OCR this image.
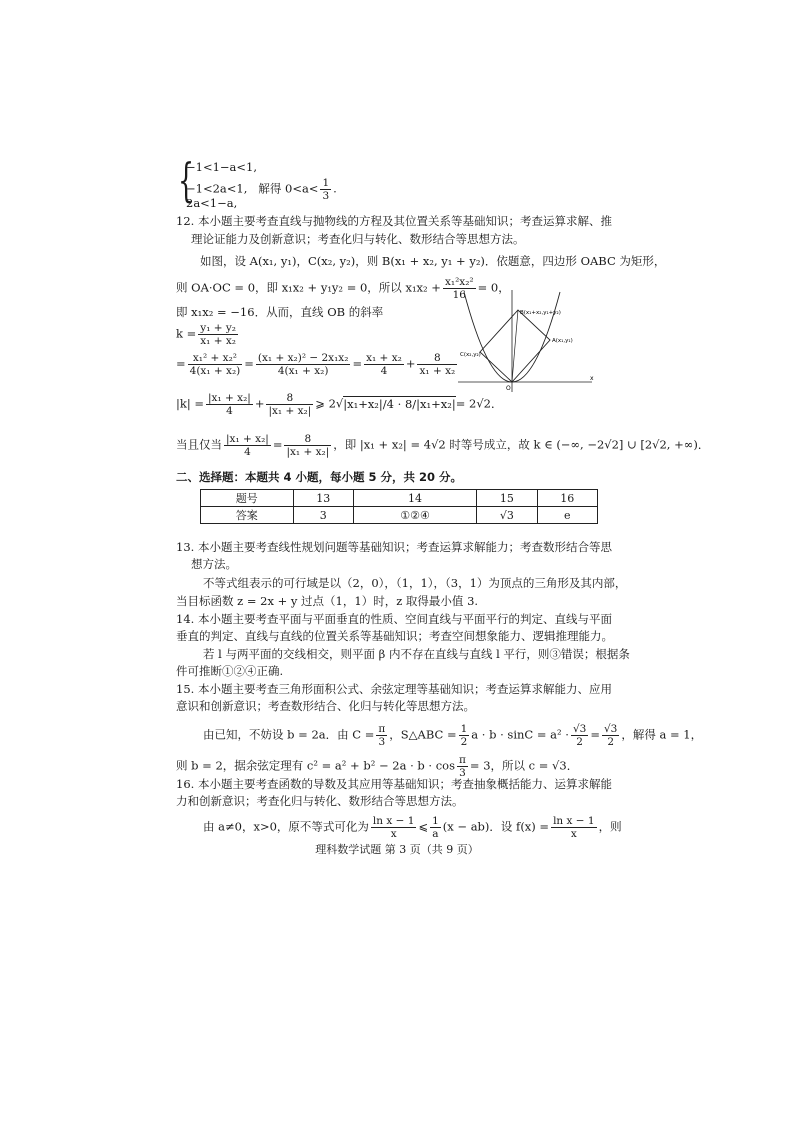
{
−1<1−a<1,
−1<2a<1, 解得 $0<a< \frac{1}{3}$ .
2a<1−a,
12. 本小题主要考查直线与抛物线的方程及其位置关系等基础知识；考查运算求解、推
理论证能力及创新意识；考查化归与转化、数形结合等思想方法。
如图，设 A(x₁, y₁)，C(x₂, y₂)，则 B(x₁ + x₂, y₁ + y₂)．依题意，四边形 OABC 为矩形，
则 OA·OC = 0，即 x₁x₂ + y₁y₂ = 0，所以 $x_1x_2 + \frac{\text{x₁²x₂²}}{16} = 0$，
即 x₁x₂ = −16．从而，直线 OB 的斜率
$k = \frac{\text{y₁ + y₂}}{\text{x₁ + x₂}}$
= $\frac{\text{x₁² + x₂²}}{\text{4(x₁ + x₂)}} = \frac{\text{(x₁ + x₂)² − 2x₁x₂}}{\text{4(x₁ + x₂)}} = \frac{\text{x₁ + x₂}}{4} + \frac{8}{\text{x₁ + x₂}}$
$|k| = \frac{\text{|x₁ + x₂|}}{4} + \frac{8}{\text{|x₁ + x₂|}}$ ⩾ 2√|x₁+x₂|/4 · 8/|x₁+x₂|= 2√2．
当且仅当 $\frac{\text{|x₁ + x₂|}}{4} = \frac{8}{\text{|x₁ + x₂|}}$ ，即 |x₁ + x₂| = 4√2 时等号成立，故 k ∈ (−∞, −2√2] ∪ [2√2, +∞)．
B(x₁+x₂,y₁+y₂)
A(x₁,y₁)
C(x₂,y₂)
O
x
二、选择题：本题共 4 小题，每小题 5 分，共 20 分。
题号	13	14	15	16
答案	3	①②④	√3	e
13. 本小题主要考查线性规划问题等基础知识；考查运算求解能力；考查数形结合等思
想方法。
不等式组表示的可行域是以（2，0），（1，1），（3，1）为顶点的三角形及其内部，
当目标函数 z = 2x + y 过点（1，1）时，z 取得最小值 3.
14. 本小题主要考查平面与平面垂直的性质、空间直线与平面平行的判定、直线与平面
垂直的判定、直线与直线的位置关系等基础知识；考查空间想象能力、逻辑推理能力。
若 l 与两平面的交线相交，则平面 β 内不存在直线与直线 l 平行，则③错误；根据条
件可推断①②④正确.
15. 本小题主要考查三角形面积公式、余弦定理等基础知识；考查运算求解能力、应用
意识和创新意识；考查数形结合、化归与转化等思想方法。
由已知，不妨设 b = 2a．由 $C = \frac{\pi}{3}$ ，S△ABC = $\frac{1}{2}$ $a \cdot b \cdot \sin C = a^2 \cdot \frac{√3}{2} = \frac{√3}{2}$ ，解得 a = 1，
则 b = 2，据余弦定理有 $c^2 = a^2 + b^2 - 2a \cdot b \cdot \cos \frac{\pi}{3} = 3$，所以 c = √3．
16. 本小题主要考查函数的导数及其应用等基础知识；考查抽象概括能力、运算求解能
力和创新意识；考查化归与转化、数形结合等思想方法。
由 a≠0，x>0，原不等式可化为 $\frac{\text{ln x − 1}}{x}$ ⩽ $\frac{1}{a} (x - ab)$．设 $f(x) = \frac{\text{ln x − 1}}{x}$ ，则
理科数学试题 第 3 页（共 9 页）
